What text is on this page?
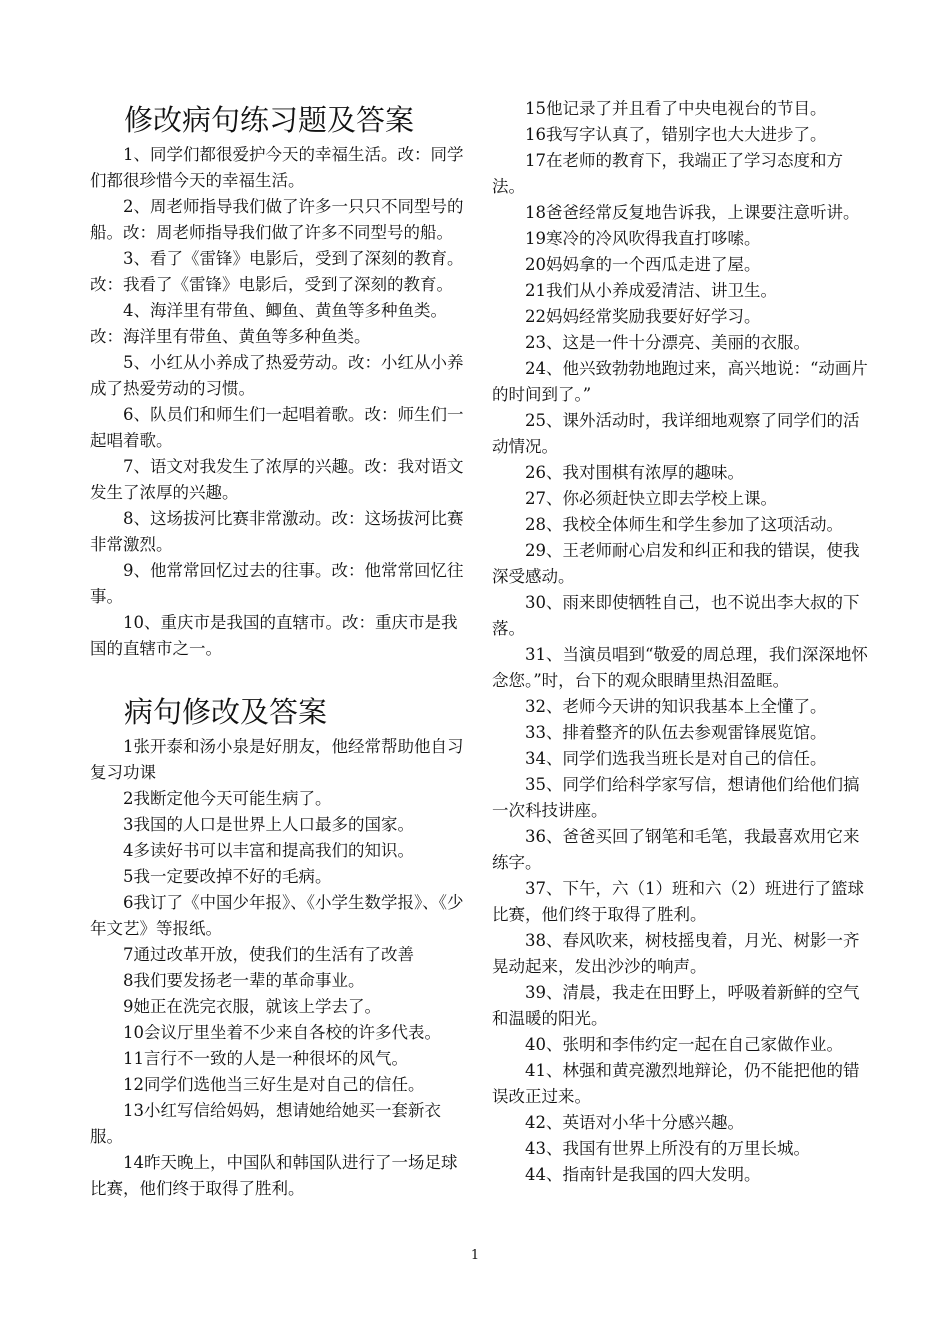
修改病句练习题及答案

1、同学们都很爱护今天的幸福生活。改：同学们都很珍惜今天的幸福生活。

2、周老师指导我们做了许多一只只不同型号的船。改：周老师指导我们做了许多不同型号的船。

3、看了《雷锋》电影后，受到了深刻的教育。改：我看了《雷锋》电影后，受到了深刻的教育。

4、海洋里有带鱼、鲫鱼、黄鱼等多种鱼类。改：海洋里有带鱼、黄鱼等多种鱼类。

5、小红从小养成了热爱劳动。改：小红从小养成了热爱劳动的习惯。

6、队员们和师生们一起唱着歌。改：师生们一起唱着歌。

7、语文对我发生了浓厚的兴趣。改：我对语文发生了浓厚的兴趣。

8、这场拔河比赛非常激动。改：这场拔河比赛非常激烈。

9、他常常回忆过去的往事。改：他常常回忆往事。

10、重庆市是我国的直辖市。改：重庆市是我国的直辖市之一。

病句修改及答案

1张开泰和汤小泉是好朋友，他经常帮助他自习复习功课

2我断定他今天可能生病了。

3我国的人口是世界上人口最多的国家。

4多读好书可以丰富和提高我们的知识。

5我一定要改掉不好的毛病。

6我订了《中国少年报》、《小学生数学报》、《少年文艺》等报纸。

7通过改革开放，使我们的生活有了改善

8我们要发扬老一辈的革命事业。

9她正在洗完衣服，就该上学去了。

10会议厅里坐着不少来自各校的许多代表。

11言行不一致的人是一种很坏的风气。

12同学们选他当三好生是对自己的信任。

13小红写信给妈妈，想请她给她买一套新衣服。

14昨天晚上，中国队和韩国队进行了一场足球比赛，他们终于取得了胜利。

15他记录了并且看了中央电视台的节目。

16我写字认真了，错别字也大大进步了。

17在老师的教育下，我端正了学习态度和方法。

18爸爸经常反复地告诉我，上课要注意听讲。

19寒冷的冷风吹得我直打哆嗦。

20妈妈拿的一个西瓜走进了屋。

21我们从小养成爱清洁、讲卫生。

22妈妈经常奖励我要好好学习。

23、这是一件十分漂亮、美丽的衣服。

24、他兴致勃勃地跑过来，高兴地说：“动画片的时间到了。”

25、课外活动时，我详细地观察了同学们的活动情况。

26、我对围棋有浓厚的趣味。

27、你必须赶快立即去学校上课。

28、我校全体师生和学生参加了这项活动。

29、王老师耐心启发和纠正和我的错误，使我深受感动。

30、雨来即使牺牲自己，也不说出李大叔的下落。

31、当演员唱到“敬爱的周总理，我们深深地怀念您。”时，台下的观众眼睛里热泪盈眶。

32、老师今天讲的知识我基本上全懂了。

33、排着整齐的队伍去参观雷锋展览馆。

34、同学们选我当班长是对自己的信任。

35、同学们给科学家写信，想请他们给他们搞一次科技讲座。

36、爸爸买回了钢笔和毛笔，我最喜欢用它来练字。

37、下午，六（1）班和六（2）班进行了篮球比赛，他们终于取得了胜利。

38、春风吹来，树枝摇曳着，月光、树影一齐晃动起来，发出沙沙的响声。

39、清晨，我走在田野上，呼吸着新鲜的空气和温暖的阳光。

40、张明和李伟约定一起在自己家做作业。

41、林强和黄亮激烈地辩论，仍不能把他的错误改正过来。

42、英语对小华十分感兴趣。

43、我国有世界上所没有的万里长城。

44、指南针是我国的四大发明。

1
